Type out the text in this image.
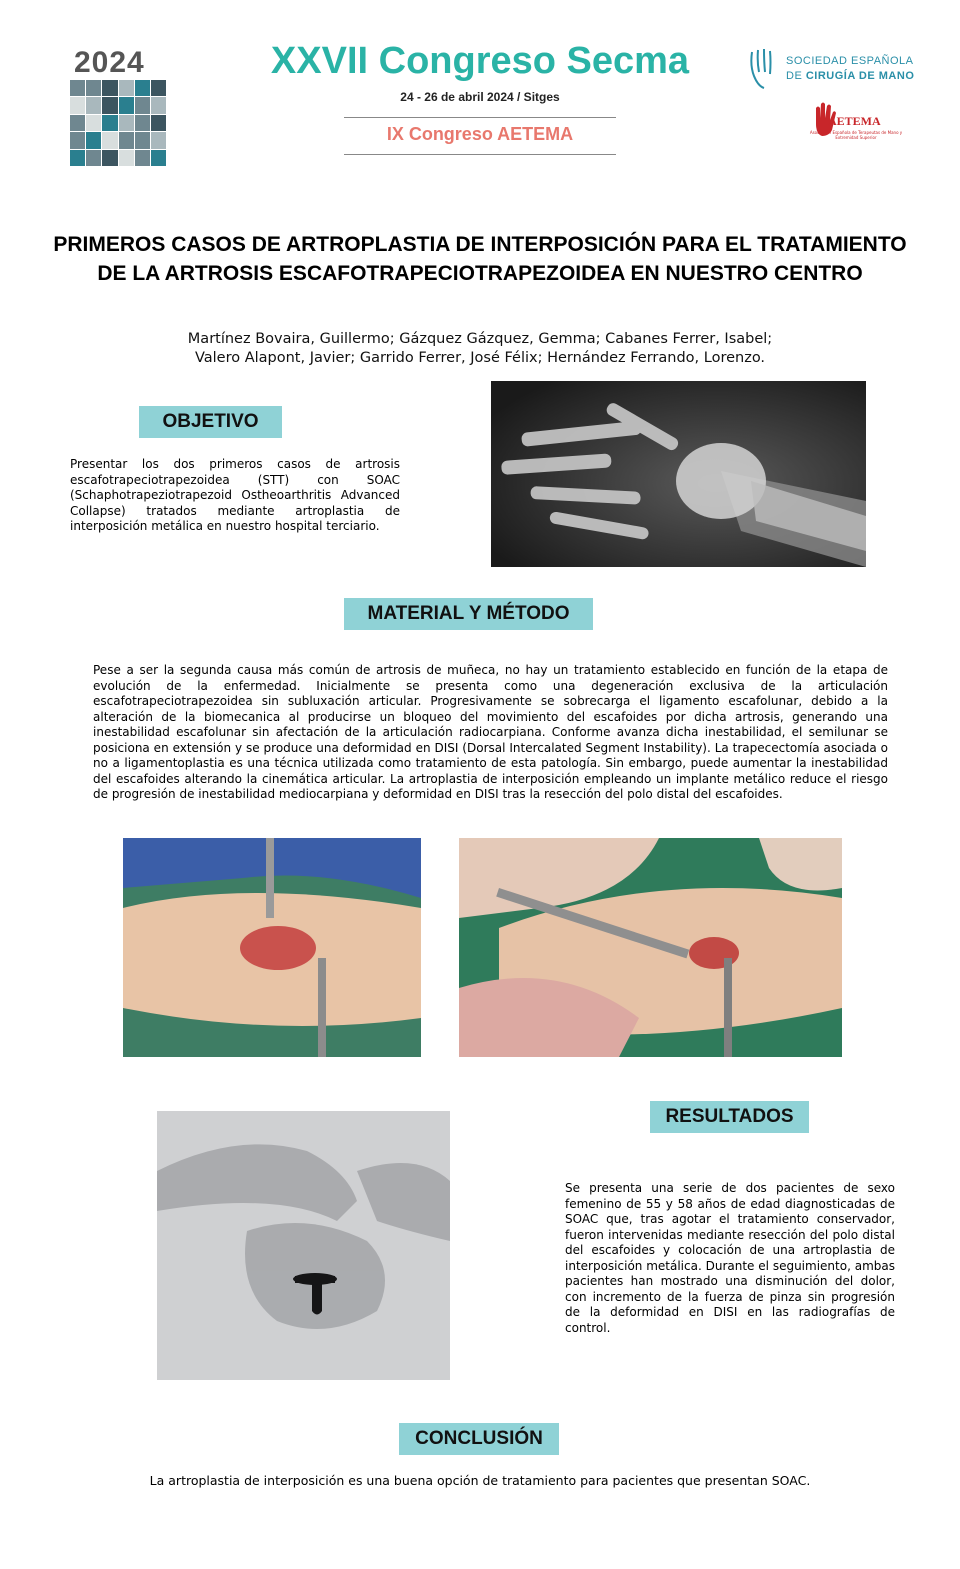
2024	XXVII Congreso Secma
24 - 26 de abril 2024 / Sitges
IX Congreso AETEMA
SOCIEDAD ESPAÑOLA
DE CIRUGÍA DE MANO
AETEMA
Asociación Española de Terapeutas de Mano y Extremidad Superior
PRIMEROS CASOS DE ARTROPLASTIA DE INTERPOSICIÓN PARA EL TRATAMIENTO
DE LA ARTROSIS ESCAFOTRAPECIOTRAPEZOIDEA EN NUESTRO CENTRO
Martínez Bovaira, Guillermo; Gázquez Gázquez, Gemma; Cabanes Ferrer, Isabel;
Valero Alapont, Javier; Garrido Ferrer, José Félix; Hernández Ferrando, Lorenzo.
OBJETIVO
Presentar los dos primeros casos de artrosis escafotrapeciotrapezoidea (STT) con SOAC (Schaphotrapeziotrapezoid Ostheoarthritis Advanced Collapse) tratados mediante artroplastia de interposición metálica en nuestro hospital terciario.
MATERIAL Y MÉTODO
Pese a ser la segunda causa más común de artrosis de muñeca, no hay un tratamiento establecido en función de la etapa de evolución de la enfermedad. Inicialmente se presenta como una degeneración exclusiva de la articulación escafotrapeciotrapezoidea sin subluxación articular. Progresivamente se sobrecarga el ligamento escafolunar, debido a la alteración de la biomecanica al producirse un bloqueo del movimiento del escafoides por dicha artrosis, generando una inestabilidad escafolunar sin afectación de la articulación radiocarpiana. Conforme avanza dicha inestabilidad, el semilunar se posiciona en extensión y se produce una deformidad en DISI (Dorsal Intercalated Segment Instability). La trapecectomía asociada o no a ligamentoplastia es una técnica utilizada como tratamiento de esta patología. Sin embargo, puede aumentar la inestabilidad del escafoides alterando la cinemática articular. La artroplastia de interposición empleando un implante metálico reduce el riesgo de progresión de inestabilidad mediocarpiana y deformidad en DISI tras la resección del polo distal del escafoides.
RESULTADOS
Se presenta una serie de dos pacientes de sexo femenino de 55 y 58 años de edad diagnosticadas de SOAC que, tras agotar el tratamiento conservador, fueron intervenidas mediante resección del polo distal del escafoides y colocación de una artroplastia de interposición metálica. Durante el seguimiento, ambas pacientes han mostrado una disminución del dolor, con incremento de la fuerza de pinza sin progresión de la deformidad en DISI en las radiografías de control.
CONCLUSIÓN
La artroplastia de interposición es una buena opción de tratamiento para pacientes que presentan SOAC.
